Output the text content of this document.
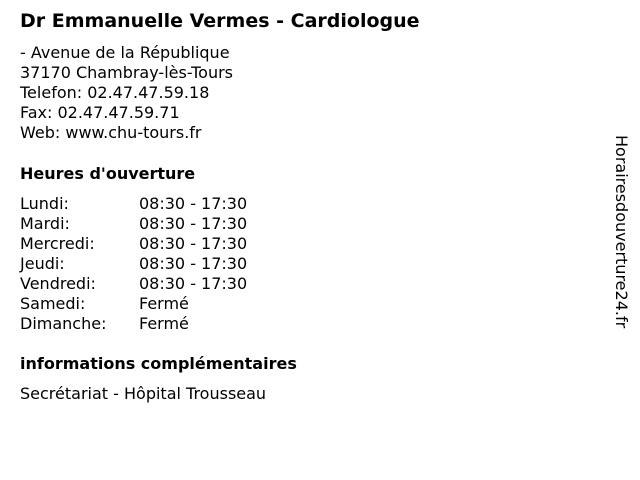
Dr Emmanuelle Vermes - Cardiologue
- Avenue de la République
37170 Chambray-lès-Tours
Telefon: 02.47.47.59.18
Fax: 02.47.47.59.71
Web: www.chu-tours.fr
Heures d'ouverture
Lundi:	08:30 - 17:30
Mardi:	08:30 - 17:30
Mercredi:	08:30 - 17:30
Jeudi:	08:30 - 17:30
Vendredi:	08:30 - 17:30
Samedi:	Fermé
Dimanche:	Fermé
informations complémentaires
Secrétariat - Hôpital Trousseau
Horairesdouverture24.fr
